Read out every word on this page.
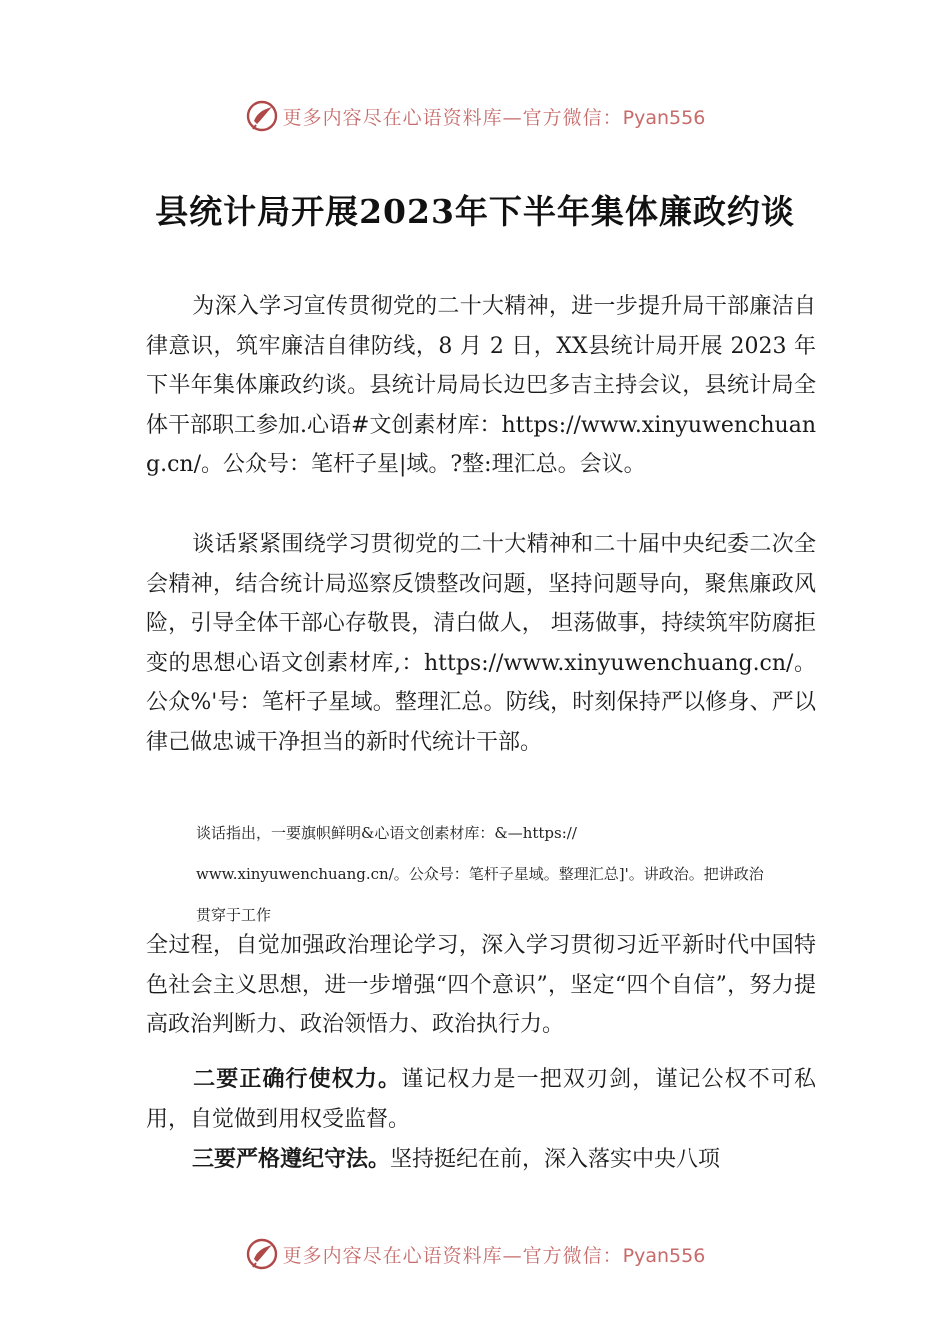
更多内容尽在心语资料库—官方微信：Pyan556
县统计局开展2023年下半年集体廉政约谈

为深入学习宣传贯彻党的二十大精神，进一步提升局干部廉洁自律意识，筑牢廉洁自律防线，8 月 2 日，XX县统计局开展 2023 年下半年集体廉政约谈。县统计局局长边巴多吉主持会议，县统计局全体干部职工参加.心语#文创素材库：https://www.xinyuwenchuang.cn/。公众号：笔杆子星|域。?整:理汇总。会议。

谈话紧紧围绕学习贯彻党的二十大精神和二十届中央纪委二次全会精神，结合统计局巡察反馈整改问题，坚持问题导向，聚焦廉政风险，引导全体干部心存敬畏，清白做人， 坦荡做事，持续筑牢防腐拒变的思想心语文创素材库,：https://www.xinyuwenchuang.cn/。公众%'号：笔杆子星域。整理汇总。防线，时刻保持严以修身、严以律己做忠诚干净担当的新时代统计干部。

谈话指出，一要旗帜鲜明&心语文创素材库：&—https://

www.xinyuwenchuang.cn/。公众号：笔杆子星域。整理汇总]'。讲政治。把讲政治

贯穿于工作

全过程，自觉加强政治理论学习，深入学习贯彻习近平新时代中国特色社会主义思想，进一步增强“四个意识”，坚定“四个自信”，努力提高政治判断力、政治领悟力、政治执行力。

二要正确行使权力。谨记权力是一把双刃剑，谨记公权不可私用，自觉做到用权受监督。

三要严格遵纪守法。坚持挺纪在前，深入落实中央八项

更多内容尽在心语资料库—官方微信：Pyan556
